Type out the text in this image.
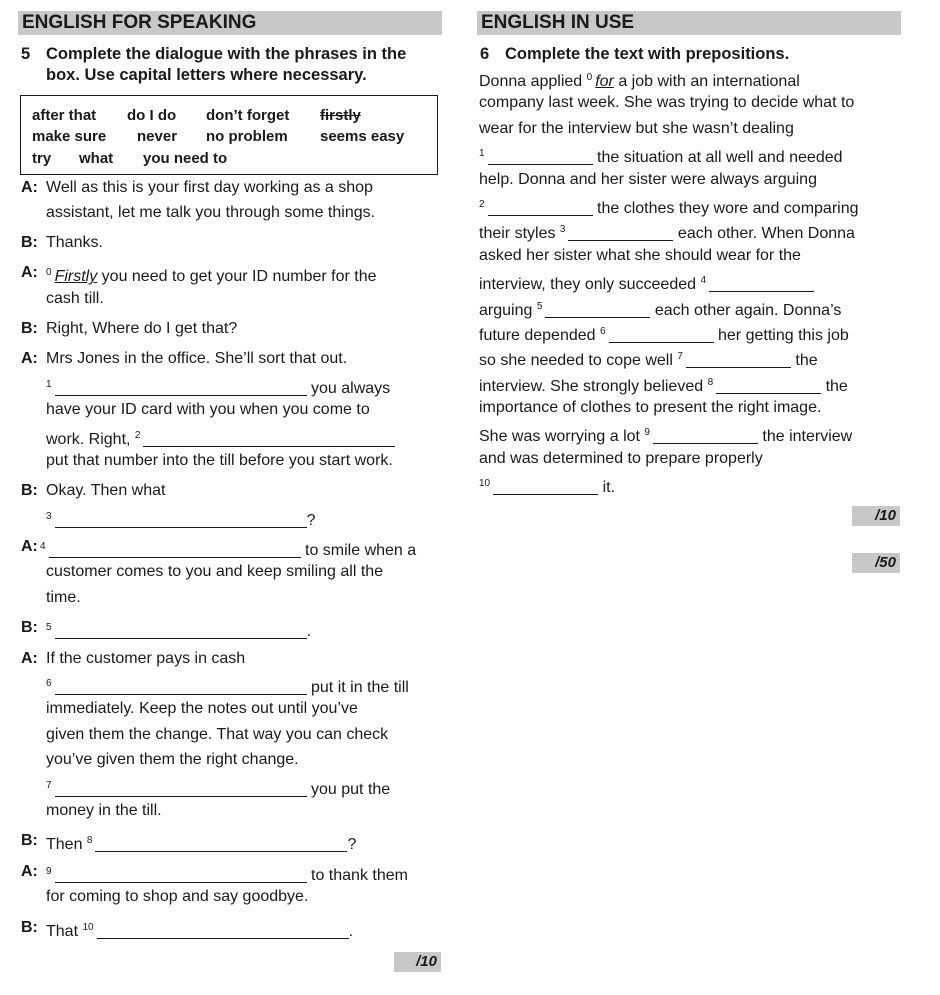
ENGLISH FOR SPEAKING
5 Complete the dialogue with the phrases in the box. Use capital letters where necessary.
after that do I do don’t forget firstly
make sure never no problem seems easy
try what you need to
A: Well as this is your first day working as a shop
assistant, let me talk you through some things.
B: Thanks.
A: $^0$ Firstly you need to get your ID number for the
cash till.
B: Right, Where do I get that?
A: Mrs Jones in the office. She’ll sort that out.
$^1$	you always
have your ID card with you when you come to
work. Right, $^2$
put that number into the till before you start work.
B: Okay. Then what
$^3$	?
A: $^4$	to smile when a
customer comes to you and keep smiling all the
time.
B: $^5$	.
A: If the customer pays in cash
$^6$	put it in the till
immediately. Keep the notes out until you’ve
given them the change. That way you can check
you’ve given them the right change.
$^7$	you put the
money in the till.
B: Then $^8$	?
A: $^9$	to thank them
for coming to shop and say goodbye.
B: That $^{10}$	.
/10
ENGLISH IN USE
6 Complete the text with prepositions.
Donna applied $^0$ for a job with an international
company last week. She was trying to decide what to
wear for the interview but she wasn’t dealing
$^1$	the situation at all well and needed
help. Donna and her sister were always arguing
$^2$	the clothes they wore and comparing
their styles $^3$	each other. When Donna
asked her sister what she should wear for the
interview, they only succeeded $^4$
arguing $^5$	each other again. Donna’s
future depended $^6$	her getting this job
so she needed to cope well $^7$	the
interview. She strongly believed $^8$	the
importance of clothes to present the right image.
She was worrying a lot $^9$	the interview
and was determined to prepare properly
$^{10}$	it.
/10
/50
